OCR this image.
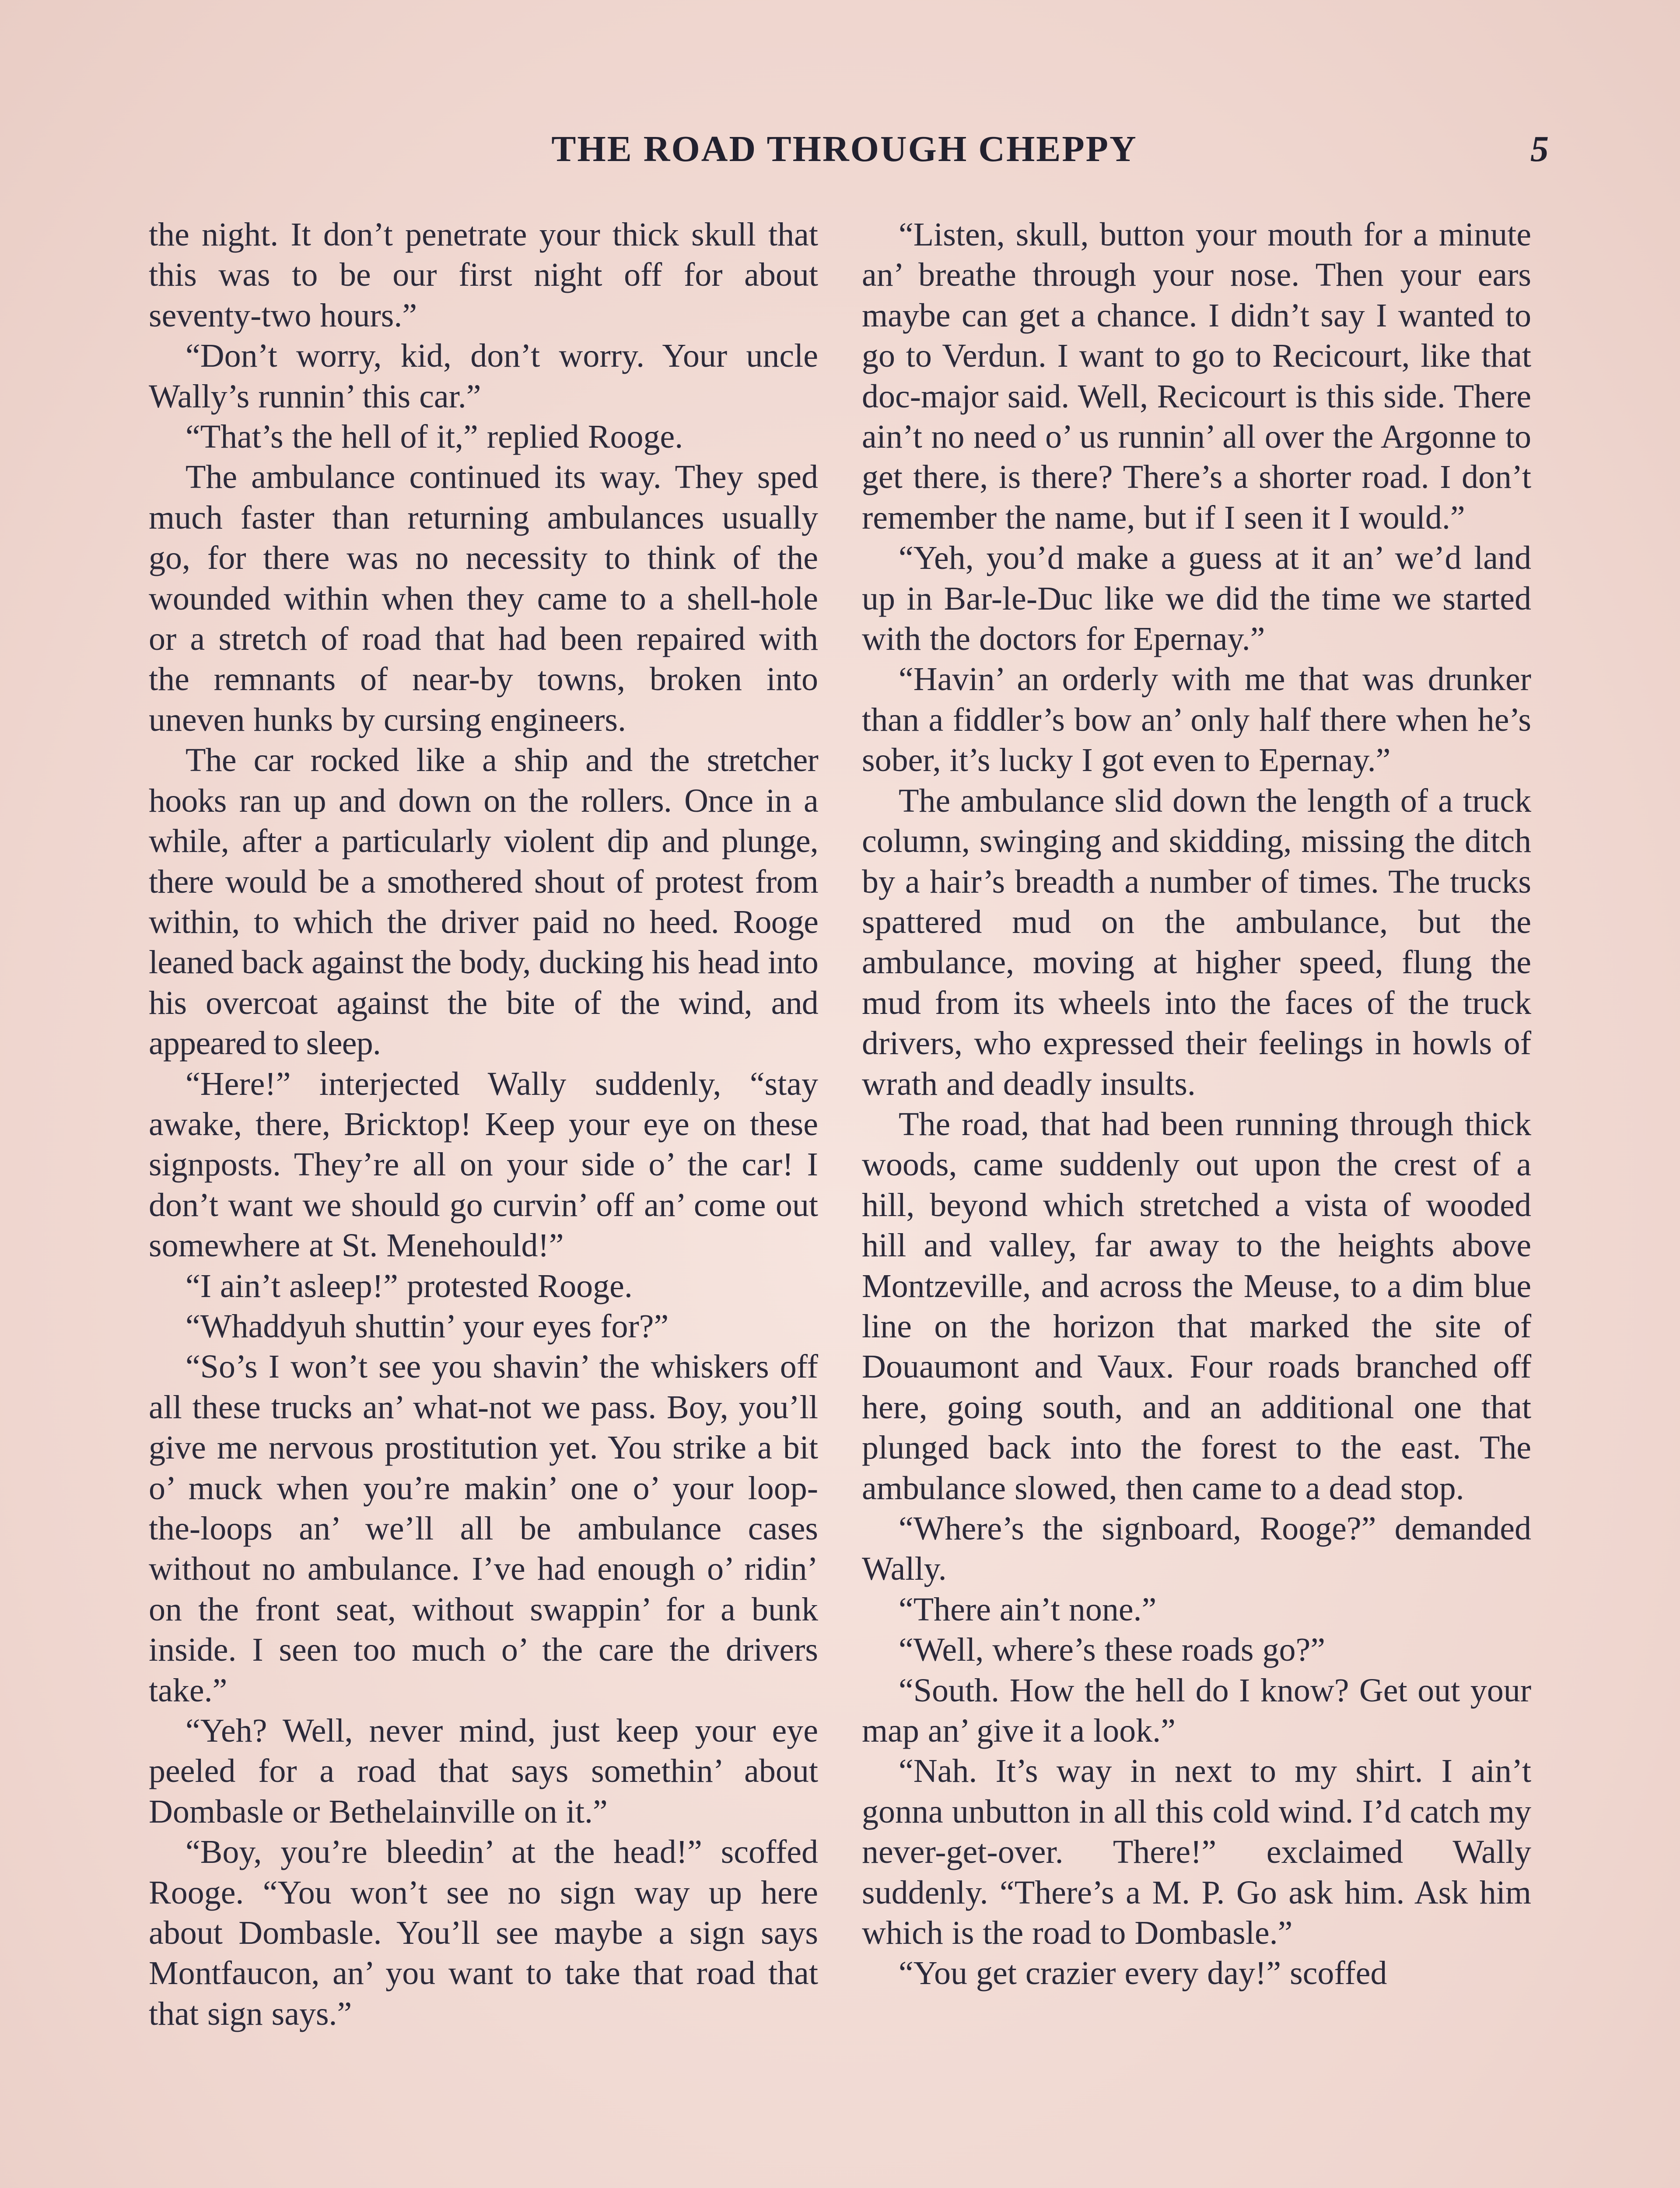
THE ROAD THROUGH CHEPPY	5

the night. It don’t penetrate your thick skull that this was to be our first night off for about seventy-two hours.”

“Don’t worry, kid, don’t worry. Your uncle Wally’s runnin’ this car.”

“That’s the hell of it,” replied Rooge.

The ambulance continued its way. They sped much faster than returning ambulances usually go, for there was no necessity to think of the wounded within when they came to a shell-hole or a stretch of road that had been repaired with the remnants of near-by towns, broken into uneven hunks by cursing engineers.

The car rocked like a ship and the stretcher hooks ran up and down on the rollers. Once in a while, after a particularly violent dip and plunge, there would be a smothered shout of protest from within, to which the driver paid no heed. Rooge leaned back against the body, ducking his head into his overcoat against the bite of the wind, and appeared to sleep.

“Here!” interjected Wally suddenly, “stay awake, there, Bricktop! Keep your eye on these signposts. They’re all on your side o’ the car! I don’t want we should go curvin’ off an’ come out somewhere at St. Menehould!”

“I ain’t asleep!” protested Rooge.

“Whaddyuh shuttin’ your eyes for?”

“So’s I won’t see you shavin’ the whiskers off all these trucks an’ what-not we pass. Boy, you’ll give me nervous prostitution yet. You strike a bit o’ muck when you’re makin’ one o’ your loop-the-loops an’ we’ll all be ambulance cases without no ambulance. I’ve had enough o’ ridin’ on the front seat, without swappin’ for a bunk inside. I seen too much o’ the care the drivers take.”

“Yeh? Well, never mind, just keep your eye peeled for a road that says somethin’ about Dombasle or Bethelainville on it.”

“Boy, you’re bleedin’ at the head!” scoffed Rooge. “You won’t see no sign way up here about Dombasle. You’ll see maybe a sign says Montfaucon, an’ you want to take that road that that sign says.”

“Listen, skull, button your mouth for a minute an’ breathe through your nose. Then your ears maybe can get a chance. I didn’t say I wanted to go to Verdun. I want to go to Recicourt, like that doc-major said. Well, Recicourt is this side. There ain’t no need o’ us runnin’ all over the Argonne to get there, is there? There’s a shorter road. I don’t remember the name, but if I seen it I would.”

“Yeh, you’d make a guess at it an’ we’d land up in Bar-le-Duc like we did the time we started with the doctors for Epernay.”

“Havin’ an orderly with me that was drunker than a fiddler’s bow an’ only half there when he’s sober, it’s lucky I got even to Epernay.”

The ambulance slid down the length of a truck column, swinging and skidding, missing the ditch by a hair’s breadth a number of times. The trucks spattered mud on the ambulance, but the ambulance, moving at higher speed, flung the mud from its wheels into the faces of the truck drivers, who expressed their feelings in howls of wrath and deadly insults.

The road, that had been running through thick woods, came suddenly out upon the crest of a hill, beyond which stretched a vista of wooded hill and valley, far away to the heights above Montzeville, and across the Meuse, to a dim blue line on the horizon that marked the site of Douaumont and Vaux. Four roads branched off here, going south, and an additional one that plunged back into the forest to the east. The ambulance slowed, then came to a dead stop.

“Where’s the signboard, Rooge?” demanded Wally.

“There ain’t none.”

“Well, where’s these roads go?”

“South. How the hell do I know? Get out your map an’ give it a look.”

“Nah. It’s way in next to my shirt. I ain’t gonna unbutton in all this cold wind. I’d catch my never-get-over. There!” exclaimed Wally suddenly. “There’s a M. P. Go ask him. Ask him which is the road to Dombasle.”

“You get crazier every day!” scoffed
